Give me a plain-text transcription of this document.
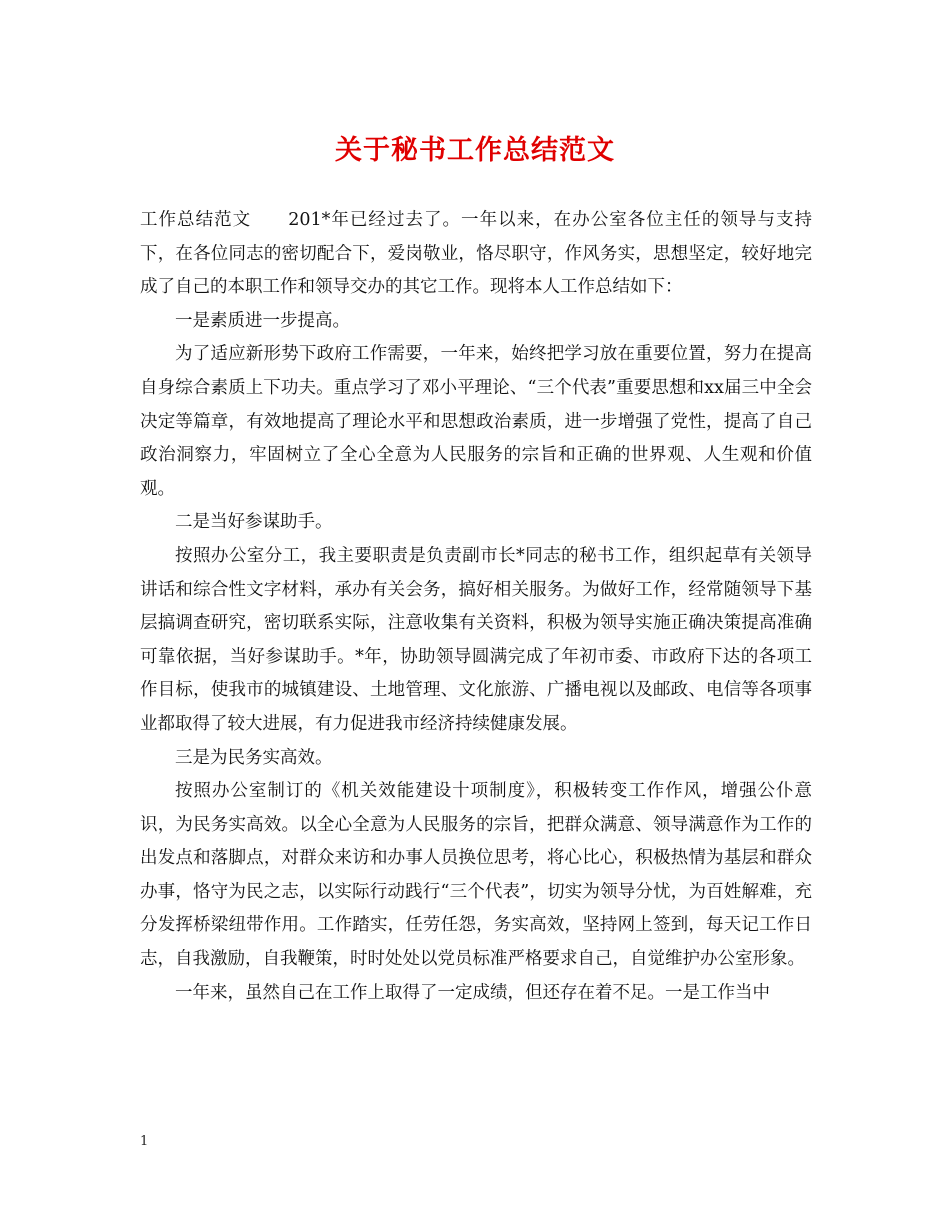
关于秘书工作总结范文

工作总结范文　　201*年已经过去了。一年以来，在办公室各位主任的领导与支持下，在各位同志的密切配合下，爱岗敬业，恪尽职守，作风务实，思想坚定，较好地完成了自己的本职工作和领导交办的其它工作。现将本人工作总结如下：

一是素质进一步提高。

为了适应新形势下政府工作需要，一年来，始终把学习放在重要位置，努力在提高自身综合素质上下功夫。重点学习了邓小平理论、“三个代表”重要思想和xx届三中全会决定等篇章，有效地提高了理论水平和思想政治素质，进一步增强了党性，提高了自己政治洞察力，牢固树立了全心全意为人民服务的宗旨和正确的世界观、人生观和价值观。

二是当好参谋助手。

按照办公室分工，我主要职责是负责副市长*同志的秘书工作，组织起草有关领导讲话和综合性文字材料，承办有关会务，搞好相关服务。为做好工作，经常随领导下基层搞调查研究，密切联系实际，注意收集有关资料，积极为领导实施正确决策提高准确可靠依据，当好参谋助手。*年，协助领导圆满完成了年初市委、市政府下达的各项工作目标，使我市的城镇建设、土地管理、文化旅游、广播电视以及邮政、电信等各项事业都取得了较大进展，有力促进我市经济持续健康发展。

三是为民务实高效。

按照办公室制订的《机关效能建设十项制度》，积极转变工作作风，增强公仆意识，为民务实高效。以全心全意为人民服务的宗旨，把群众满意、领导满意作为工作的出发点和落脚点，对群众来访和办事人员换位思考，将心比心，积极热情为基层和群众办事，恪守为民之志，以实际行动践行“三个代表”，切实为领导分忧，为百姓解难，充分发挥桥梁纽带作用。工作踏实，任劳任怨，务实高效，坚持网上签到，每天记工作日志，自我激励，自我鞭策，时时处处以党员标准严格要求自己，自觉维护办公室形象。

一年来，虽然自己在工作上取得了一定成绩，但还存在着不足。一是工作当中

1
